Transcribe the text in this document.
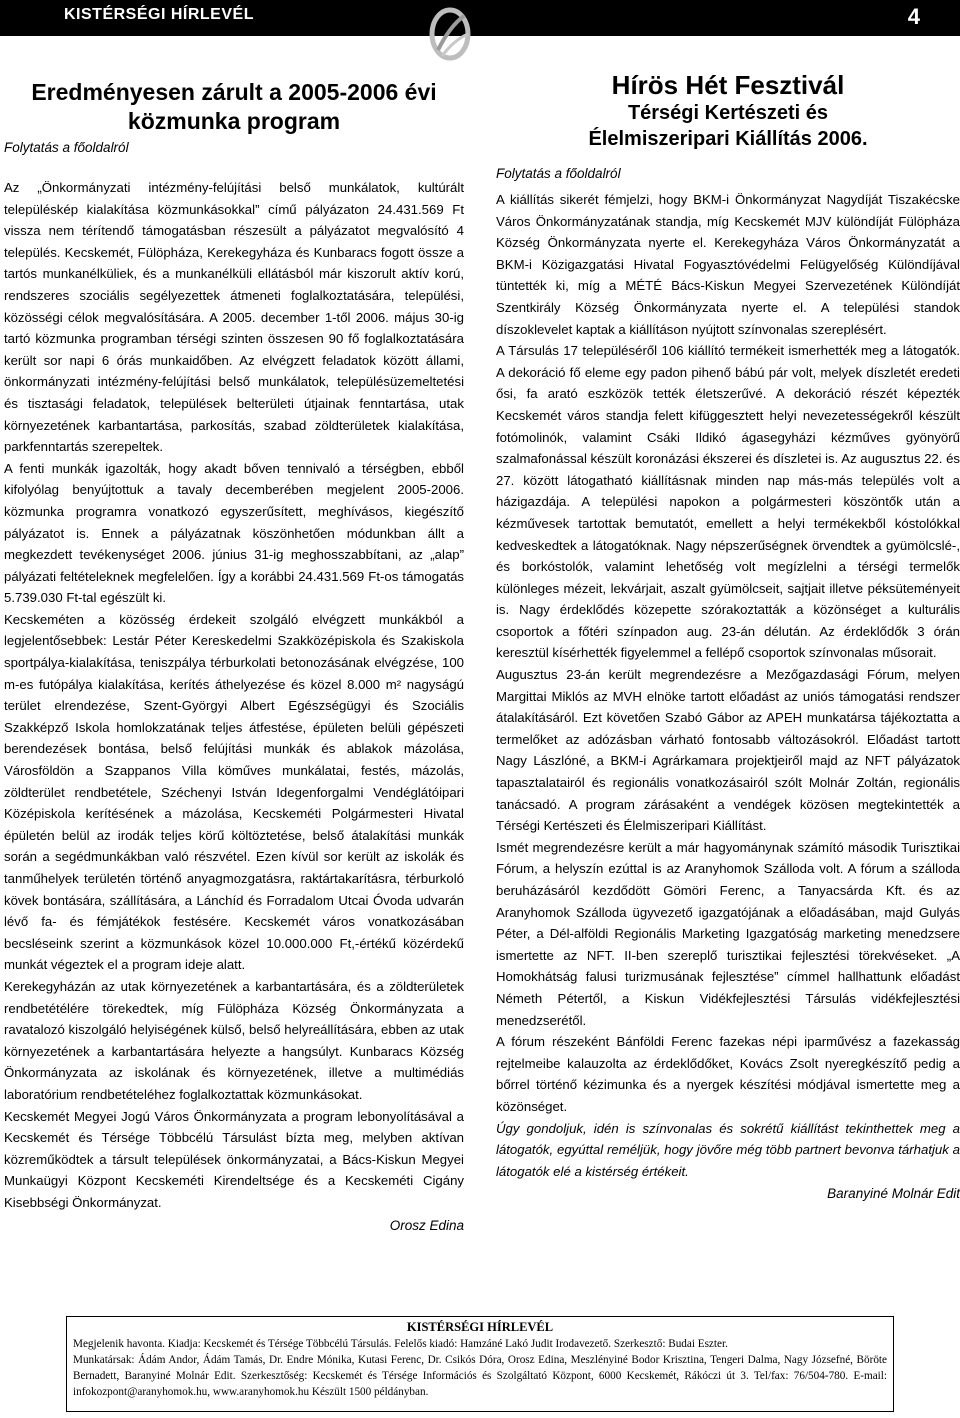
KISTÉRSÉGI HÍRLEVÉL	4
Eredményesen zárult a 2005-2006 évi
közmunka program

Folytatás a főoldalról

Az „Önkormányzati intézmény-felújítási belső munkálatok, kultúrált településkép kialakítása közmunkásokkal” című pályázaton 24.431.569 Ft vissza nem térítendő támogatásban részesült a pályázatot megvalósító 4 település. Kecskemét, Fülöpháza, Kerekegyháza és Kunbaracs fogott össze a tartós munkanélküliek, és a munkanélküli ellátásból már kiszorult aktív korú, rendszeres szociális segélyezettek átmeneti foglalkoztatására, települési, közösségi célok megvalósítására. A 2005. december 1-től 2006. május 30-ig tartó közmunka programban térségi szinten összesen 90 fő foglalkoztatására került sor napi 6 órás munkaidőben. Az elvégzett feladatok között állami, önkormányzati intézmény-felújítási belső munkálatok, településüzemeltetési és tisztasági feladatok, települések belterületi útjainak fenntartása, utak környezetének karbantartása, parkosítás, szabad zöldterületek kialakítása, parkfenntartás szerepeltek.

A fenti munkák igazolták, hogy akadt bőven tennivaló a térségben, ebből kifolyólag benyújtottuk a tavaly decemberében megjelent 2005-2006. közmunka programra vonatkozó egyszerűsített, meghívásos, kiegészítő pályázatot is. Ennek a pályázatnak köszönhetően módunkban állt a megkezdett tevékenységet 2006. június 31-ig meghosszabbítani, az „alap” pályázati feltételeknek megfelelően. Így a korábbi 24.431.569 Ft-os támogatás 5.739.030 Ft-tal egészült ki.

Kecskeméten a közösség érdekeit szolgáló elvégzett munkákból a legjelentősebbek: Lestár Péter Kereskedelmi Szakközépiskola és Szakiskola sportpálya-kialakítása, teniszpálya térburkolati betonozásának elvégzése, 100 m-es futópálya kialakítása, kerítés áthelyezése és közel 8.000 m² nagyságú terület elrendezése, Szent-Györgyi Albert Egészségügyi és Szociális Szakképző Iskola homlokzatának teljes átfestése, épületen belüli gépészeti berendezések bontása, belső felújítási munkák és ablakok mázolása, Városföldön a Szappanos Villa köműves munkálatai, festés, mázolás, zöldterület rendbetétele, Széchenyi István Idegenforgalmi Vendéglátóipari Középiskola kerítésének a mázolása, Kecskeméti Polgármesteri Hivatal épületén belül az irodák teljes körű költöztetése, belső átalakítási munkák során a segédmunkákban való részvétel. Ezen kívül sor került az iskolák és tanműhelyek területén történő anyagmozgatásra, raktártakarításra, térburkoló kövek bontására, szállítására, a Lánchíd és Forradalom Utcai Óvoda udvarán lévő fa- és fémjátékok festésére. Kecskemét város vonatkozásában becsléseink szerint a közmunkások közel 10.000.000 Ft,-értékű közérdekű munkát végeztek el a program ideje alatt.

Kerekegyházán az utak környezetének a karbantartására, és a zöldterületek rendbetétélére törekedtek, míg Fülöpháza Község Önkormányzata a ravatalozó kiszolgáló helyiségének külső, belső helyreállítására, ebben az utak környezetének a karbantartására helyezte a hangsúlyt. Kunbaracs Község Önkormányzata az iskolának és környezetének, illetve a multimédiás laboratórium rendbetételéhez foglalkoztattak közmunkásokat.

Kecskemét Megyei Jogú Város Önkormányzata a program lebonyolításával a Kecskemét és Térsége Többcélú Társulást bízta meg, melyben aktívan közreműködtek a társult települések önkormányzatai, a Bács-Kiskun Megyei Munkaügyi Központ Kecskeméti Kirendeltsége és a Kecskeméti Cigány Kisebbségi Önkormányzat.

Orosz Edina

Hírös Hét Fesztivál
Térségi Kertészeti és
Élelmiszeripari Kiállítás 2006.

Folytatás a főoldalról

A kiállítás sikerét fémjelzi, hogy BKM-i Önkormányzat Nagydíját Tiszakécske Város Önkormányzatának standja, míg Kecskemét MJV különdíját Fülöpháza Község Önkormányzata nyerte el. Kerekegyháza Város Önkormányzatát a BKM-i Közigazgatási Hivatal Fogyasztóvédelmi Felügyelőség Különdíjával tüntették ki, míg a MÉTÉ Bács-Kiskun Megyei Szervezetének Különdíját Szentkirály Község Önkormányzata nyerte el. A települési standok díszoklevelet kaptak a kiállításon nyújtott színvonalas szereplésért.

A Társulás 17 településéről 106 kiállító termékeit ismerhették meg a látogatók. A dekoráció fő eleme egy padon pihenő bábú pár volt, melyek díszletét eredeti ősi, fa arató eszközök tették életszerűvé. A dekoráció részét képezték Kecskemét város standja felett kifüggesztett helyi nevezetességekről készült fotómolinók, valamint Csáki Ildikó ágasegyházi kézműves gyönyörű szalmafonással készült koronázási ékszerei és díszletei is. Az augusztus 22. és 27. között látogatható kiállításnak minden nap más-más település volt a házigazdája. A települési napokon a polgármesteri köszöntők után a kézművesek tartottak bemutatót, emellett a helyi termékekből kóstolókkal kedveskedtek a látogatóknak. Nagy népszerűségnek örvendtek a gyümölcslé-, és borkóstolók, valamint lehetőség volt megízlelni a térségi termelők különleges mézeit, lekvárjait, aszalt gyümölcseit, sajtjait illetve péksüteményeit is. Nagy érdeklődés közepette szórakoztatták a közönséget a kulturális csoportok a főtéri színpadon aug. 23-án délután. Az érdeklődők 3 órán keresztül kísérhették figyelemmel a fellépő csoportok színvonalas műsorait.

Augusztus 23-án került megrendezésre a Mezőgazdasági Fórum, melyen Margittai Miklós az MVH elnöke tartott előadást az uniós támogatási rendszer átalakításáról. Ezt követően Szabó Gábor az APEH munkatársa tájékoztatta a termelőket az adózásban várható fontosabb változásokról. Előadást tartott Nagy Lászlóné, a BKM-i Agrárkamara projektjeiről majd az NFT pályázatok tapasztalatairól és regionális vonatkozásairól szólt Molnár Zoltán, regionális tanácsadó. A program zárásaként a vendégek közösen megtekintették a Térségi Kertészeti és Élelmiszeripari Kiállítást.

Ismét megrendezésre került a már hagyománynak számító második Turisztikai Fórum, a helyszín ezúttal is az Aranyhomok Szálloda volt. A fórum a szálloda beruházásáról kezdődött Gömöri Ferenc, a Tanyacsárda Kft. és az Aranyhomok Szálloda ügyvezető igazgatójának a előadásában, majd Gulyás Péter, a Dél-alföldi Regionális Marketing Igazgatóság marketing menedzsere ismertette az NFT. II-ben szereplő turisztikai fejlesztési törekvéseket. „A Homokhátság falusi turizmusának fejlesztése” címmel hallhattunk előadást Németh Pétertől, a Kiskun Vidékfejlesztési Társulás vidékfejlesztési menedzserétől.

A fórum részeként Bánföldi Ferenc fazekas népi iparművész a fazekasság rejtelmeibe kalauzolta az érdeklődőket, Kovács Zsolt nyeregkészítő pedig a bőrrel történő kézimunka és a nyergek készítési módjával ismertette meg a közönséget.

Úgy gondoljuk, idén is színvonalas és sokrétű kiállítást tekinthettek meg a látogatók, egyúttal reméljük, hogy jövőre még több partnert bevonva tárhatjuk a látogatók elé a kistérség értékeit.

Baranyiné Molnár Edit

KISTÉRSÉGI HÍRLEVÉL

Megjelenik havonta. Kiadja: Kecskemét és Térsége Többcélú Társulás. Felelős kiadó: Hamzáné Lakó Judit Irodavezető. Szerkesztő: Budai Eszter.

Munkatársak: Ádám Andor, Ádám Tamás, Dr. Endre Mónika, Kutasi Ferenc, Dr. Csikós Dóra, Orosz Edina, Meszlényiné Bodor Krisztina, Tengeri Dalma, Nagy Józsefné, Böröte Bernadett, Baranyiné Molnár Edit. Szerkesztőség: Kecskemét és Térsége Információs és Szolgáltató Központ, 6000 Kecskemét, Rákóczi út 3. Tel/fax: 76/504-780. E-mail: infokozpont@aranyhomok.hu, www.aranyhomok.hu Készült 1500 példányban.
